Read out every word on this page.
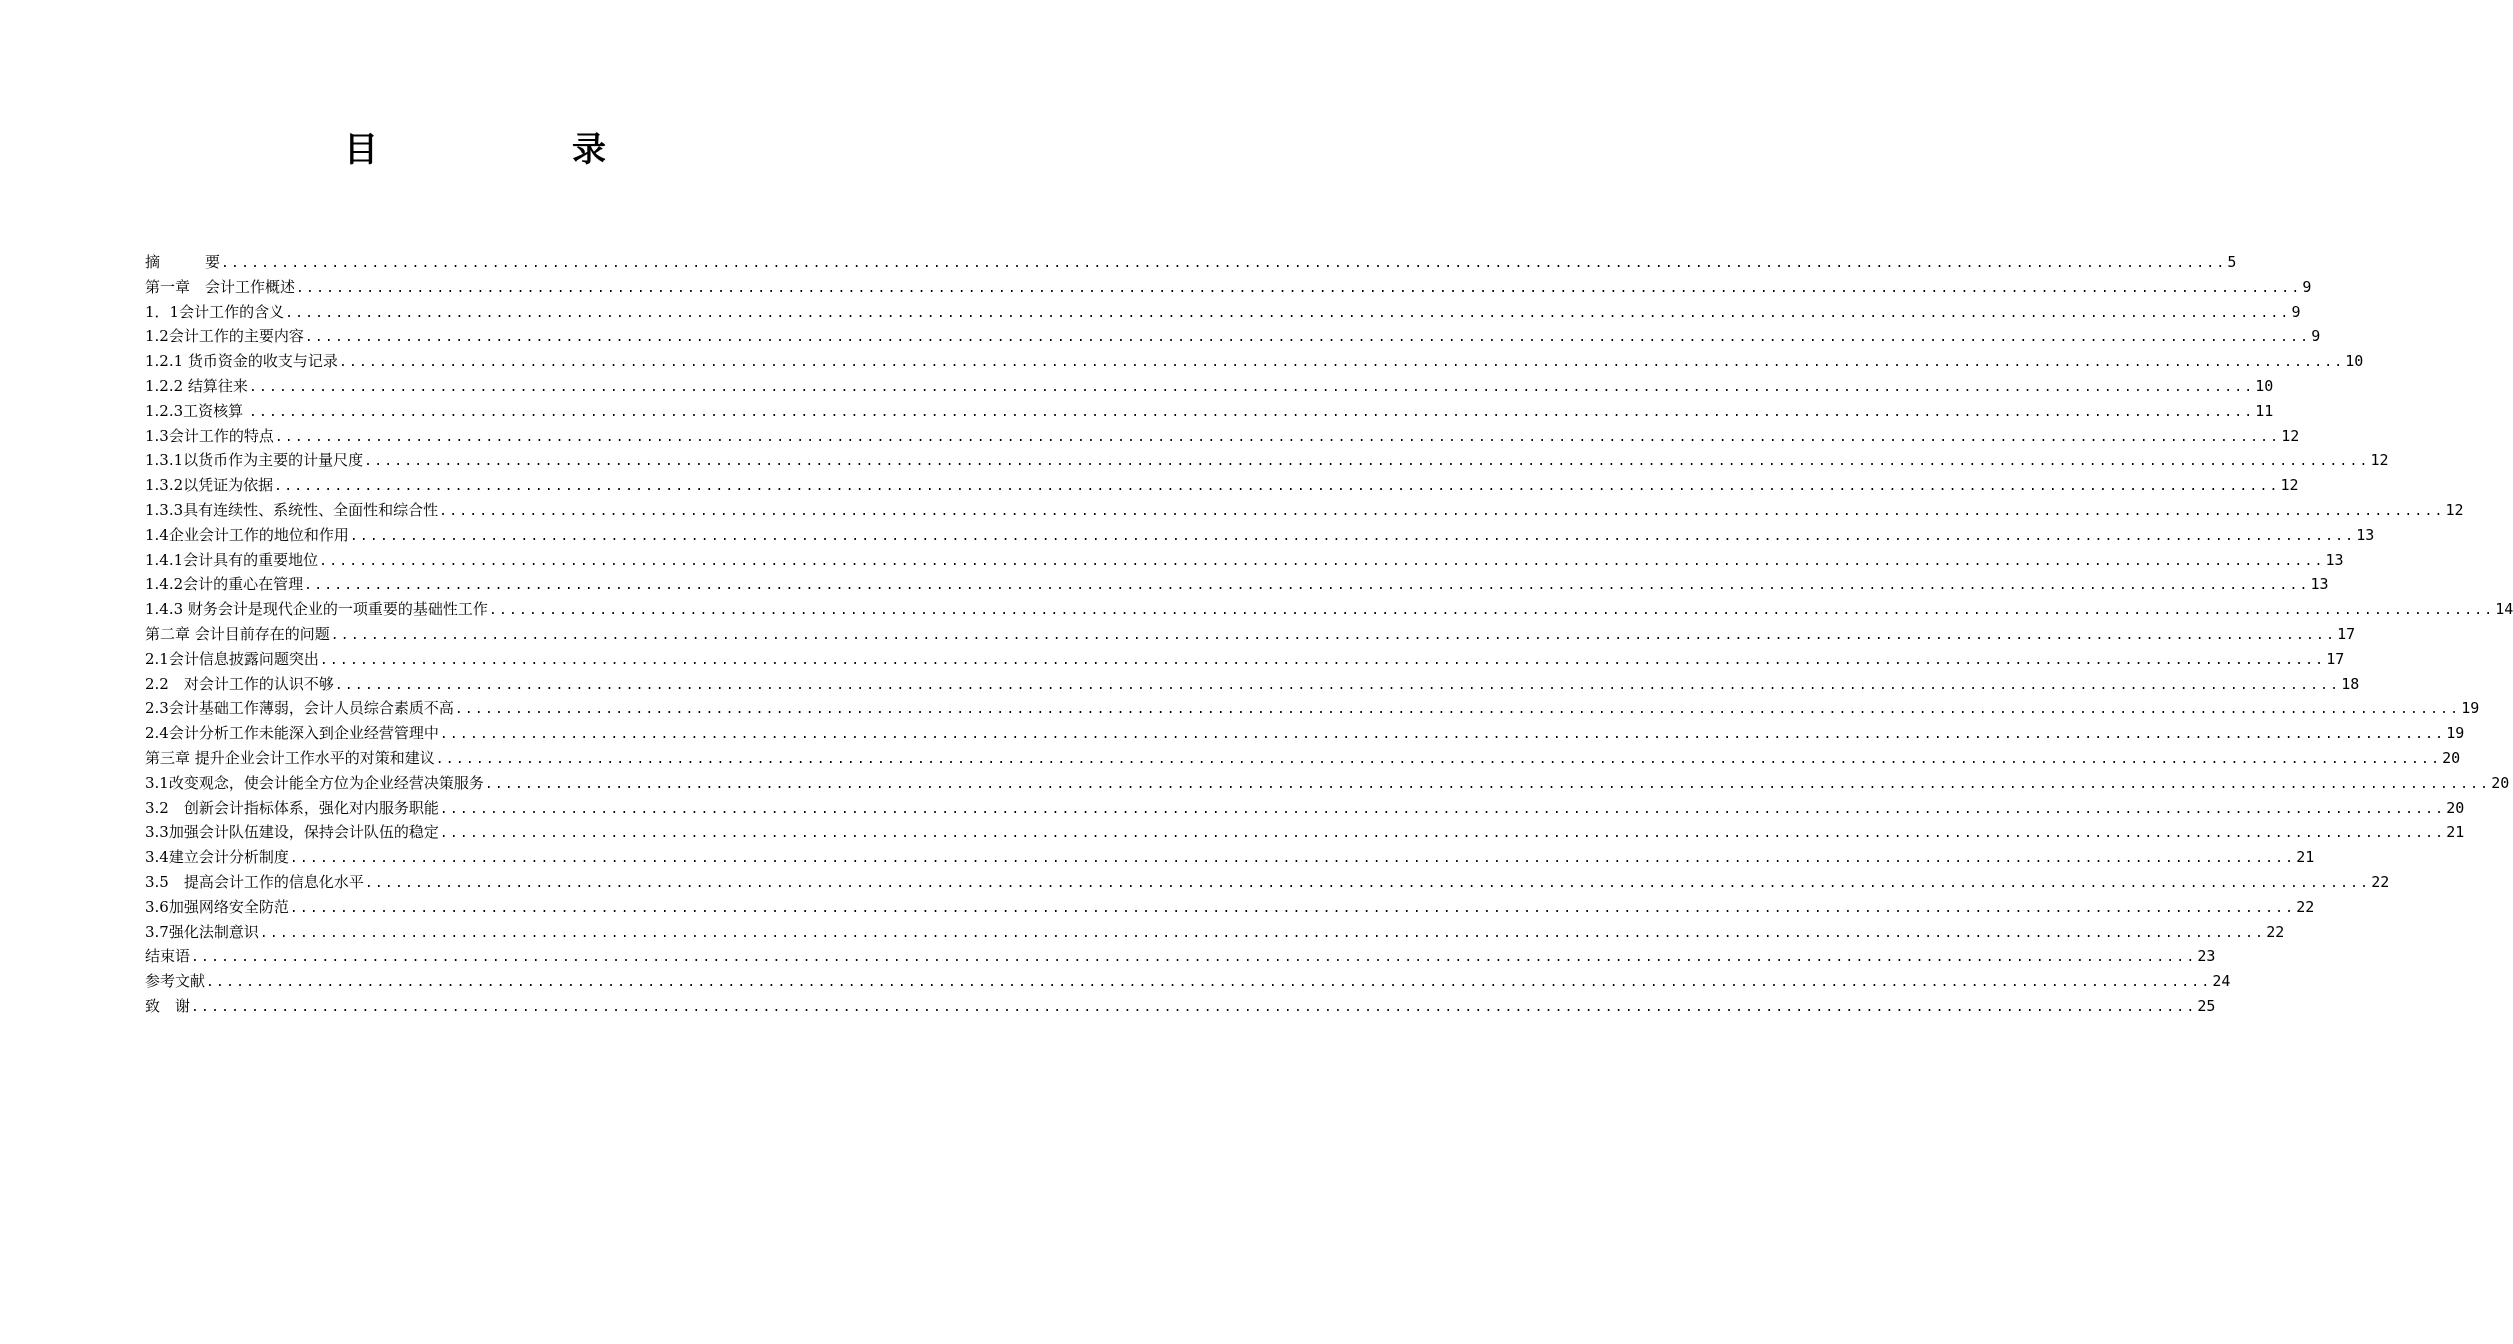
目　录
摘　　　要 ........................................................................................................................................................................................................ 5
第一章　会计工作概述 ........................................................................................................................................................................................................ 9
1．1会计工作的含义 ........................................................................................................................................................................................................ 9
1.2会计工作的主要内容 ........................................................................................................................................................................................................ 9
1.2.1 货币资金的收支与记录 ........................................................................................................................................................................................................ 10
1.2.2 结算往来 ........................................................................................................................................................................................................ 10
1.2.3工资核算 ........................................................................................................................................................................................................ 11
1.3会计工作的特点 ........................................................................................................................................................................................................ 12
1.3.1以货币作为主要的计量尺度 ........................................................................................................................................................................................................ 12
1.3.2以凭证为依据 ........................................................................................................................................................................................................ 12
1.3.3具有连续性、系统性、全面性和综合性 ........................................................................................................................................................................................................ 12
1.4企业会计工作的地位和作用 ........................................................................................................................................................................................................ 13
1.4.1会计具有的重要地位 ........................................................................................................................................................................................................ 13
1.4.2会计的重心在管理 ........................................................................................................................................................................................................ 13
1.4.3 财务会计是现代企业的一项重要的基础性工作 ........................................................................................................................................................................................................ 14
第二章 会计目前存在的问题 ........................................................................................................................................................................................................ 17
2.1会计信息披露问题突出 ........................................................................................................................................................................................................ 17
2.2　对会计工作的认识不够 ........................................................................................................................................................................................................ 18
2.3会计基础工作薄弱，会计人员综合素质不高 ........................................................................................................................................................................................................ 19
2.4会计分析工作未能深入到企业经营管理中 ........................................................................................................................................................................................................ 19
第三章 提升企业会计工作水平的对策和建议 ........................................................................................................................................................................................................ 20
3.1改变观念，使会计能全方位为企业经营决策服务 ........................................................................................................................................................................................................ 20
3.2　创新会计指标体系，强化对内服务职能 ........................................................................................................................................................................................................ 20
3.3加强会计队伍建设，保持会计队伍的稳定 ........................................................................................................................................................................................................ 21
3.4建立会计分析制度 ........................................................................................................................................................................................................ 21
3.5　提高会计工作的信息化水平 ........................................................................................................................................................................................................ 22
3.6加强网络安全防范 ........................................................................................................................................................................................................ 22
3.7强化法制意识 ........................................................................................................................................................................................................ 22
结束语 ........................................................................................................................................................................................................ 23
参考文献 ........................................................................................................................................................................................................ 24
致　谢 ........................................................................................................................................................................................................ 25
